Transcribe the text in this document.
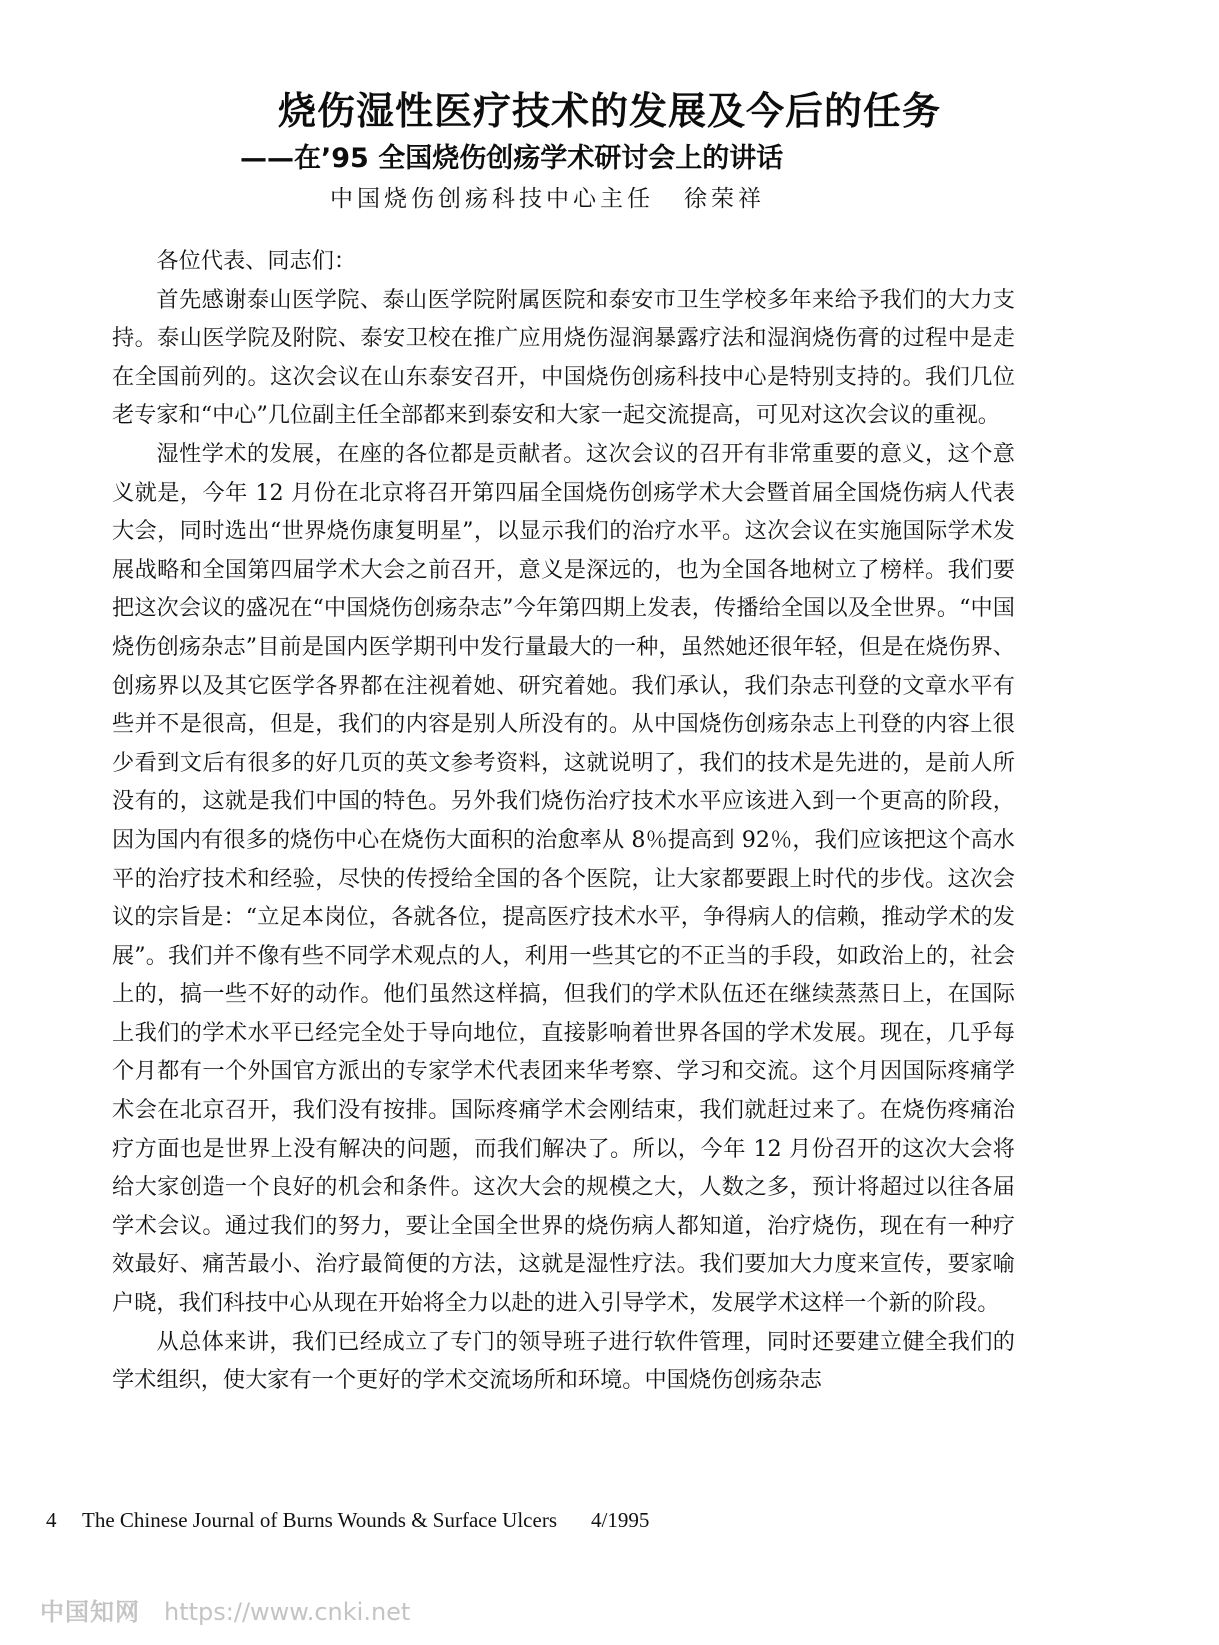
烧伤湿性医疗技术的发展及今后的任务
——在’95 全国烧伤创疡学术研讨会上的讲话
中国烧伤创疡科技中心主任 徐荣祥

各位代表、同志们：

首先感谢泰山医学院、泰山医学院附属医院和泰安市卫生学校多年来给予我们的大力支持。泰山医学院及附院、泰安卫校在推广应用烧伤湿润暴露疗法和湿润烧伤膏的过程中是走在全国前列的。这次会议在山东泰安召开，中国烧伤创疡科技中心是特别支持的。我们几位老专家和“中心”几位副主任全部都来到泰安和大家一起交流提高，可见对这次会议的重视。

湿性学术的发展，在座的各位都是贡献者。这次会议的召开有非常重要的意义，这个意义就是，今年 12 月份在北京将召开第四届全国烧伤创疡学术大会暨首届全国烧伤病人代表大会，同时选出“世界烧伤康复明星”，以显示我们的治疗水平。这次会议在实施国际学术发展战略和全国第四届学术大会之前召开，意义是深远的，也为全国各地树立了榜样。我们要把这次会议的盛况在“中国烧伤创疡杂志”今年第四期上发表，传播给全国以及全世界。“中国烧伤创疡杂志”目前是国内医学期刊中发行量最大的一种，虽然她还很年轻，但是在烧伤界、创疡界以及其它医学各界都在注视着她、研究着她。我们承认，我们杂志刊登的文章水平有些并不是很高，但是，我们的内容是别人所没有的。从中国烧伤创疡杂志上刊登的内容上很少看到文后有很多的好几页的英文参考资料，这就说明了，我们的技术是先进的，是前人所没有的，这就是我们中国的特色。另外我们烧伤治疗技术水平应该进入到一个更高的阶段，因为国内有很多的烧伤中心在烧伤大面积的治愈率从 8％提高到 92％，我们应该把这个高水平的治疗技术和经验，尽快的传授给全国的各个医院，让大家都要跟上时代的步伐。这次会议的宗旨是：“立足本岗位，各就各位，提高医疗技术水平，争得病人的信赖，推动学术的发展”。我们并不像有些不同学术观点的人，利用一些其它的不正当的手段，如政治上的，社会上的，搞一些不好的动作。他们虽然这样搞，但我们的学术队伍还在继续蒸蒸日上，在国际上我们的学术水平已经完全处于导向地位，直接影响着世界各国的学术发展。现在，几乎每个月都有一个外国官方派出的专家学术代表团来华考察、学习和交流。这个月因国际疼痛学术会在北京召开，我们没有按排。国际疼痛学术会刚结束，我们就赶过来了。在烧伤疼痛治疗方面也是世界上没有解决的问题，而我们解决了。所以，今年 12 月份召开的这次大会将给大家创造一个良好的机会和条件。这次大会的规模之大，人数之多，预计将超过以往各届学术会议。通过我们的努力，要让全国全世界的烧伤病人都知道，治疗烧伤，现在有一种疗效最好、痛苦最小、治疗最简便的方法，这就是湿性疗法。我们要加大力度来宣传，要家喻户晓，我们科技中心从现在开始将全力以赴的进入引导学术，发展学术这样一个新的阶段。

从总体来讲，我们已经成立了专门的领导班子进行软件管理，同时还要建立健全我们的学术组织，使大家有一个更好的学术交流场所和环境。中国烧伤创疡杂志

4 The Chinese Journal of Burns Wounds & Surface Ulcers 4/1995
中国知网 https://www.cnki.net
